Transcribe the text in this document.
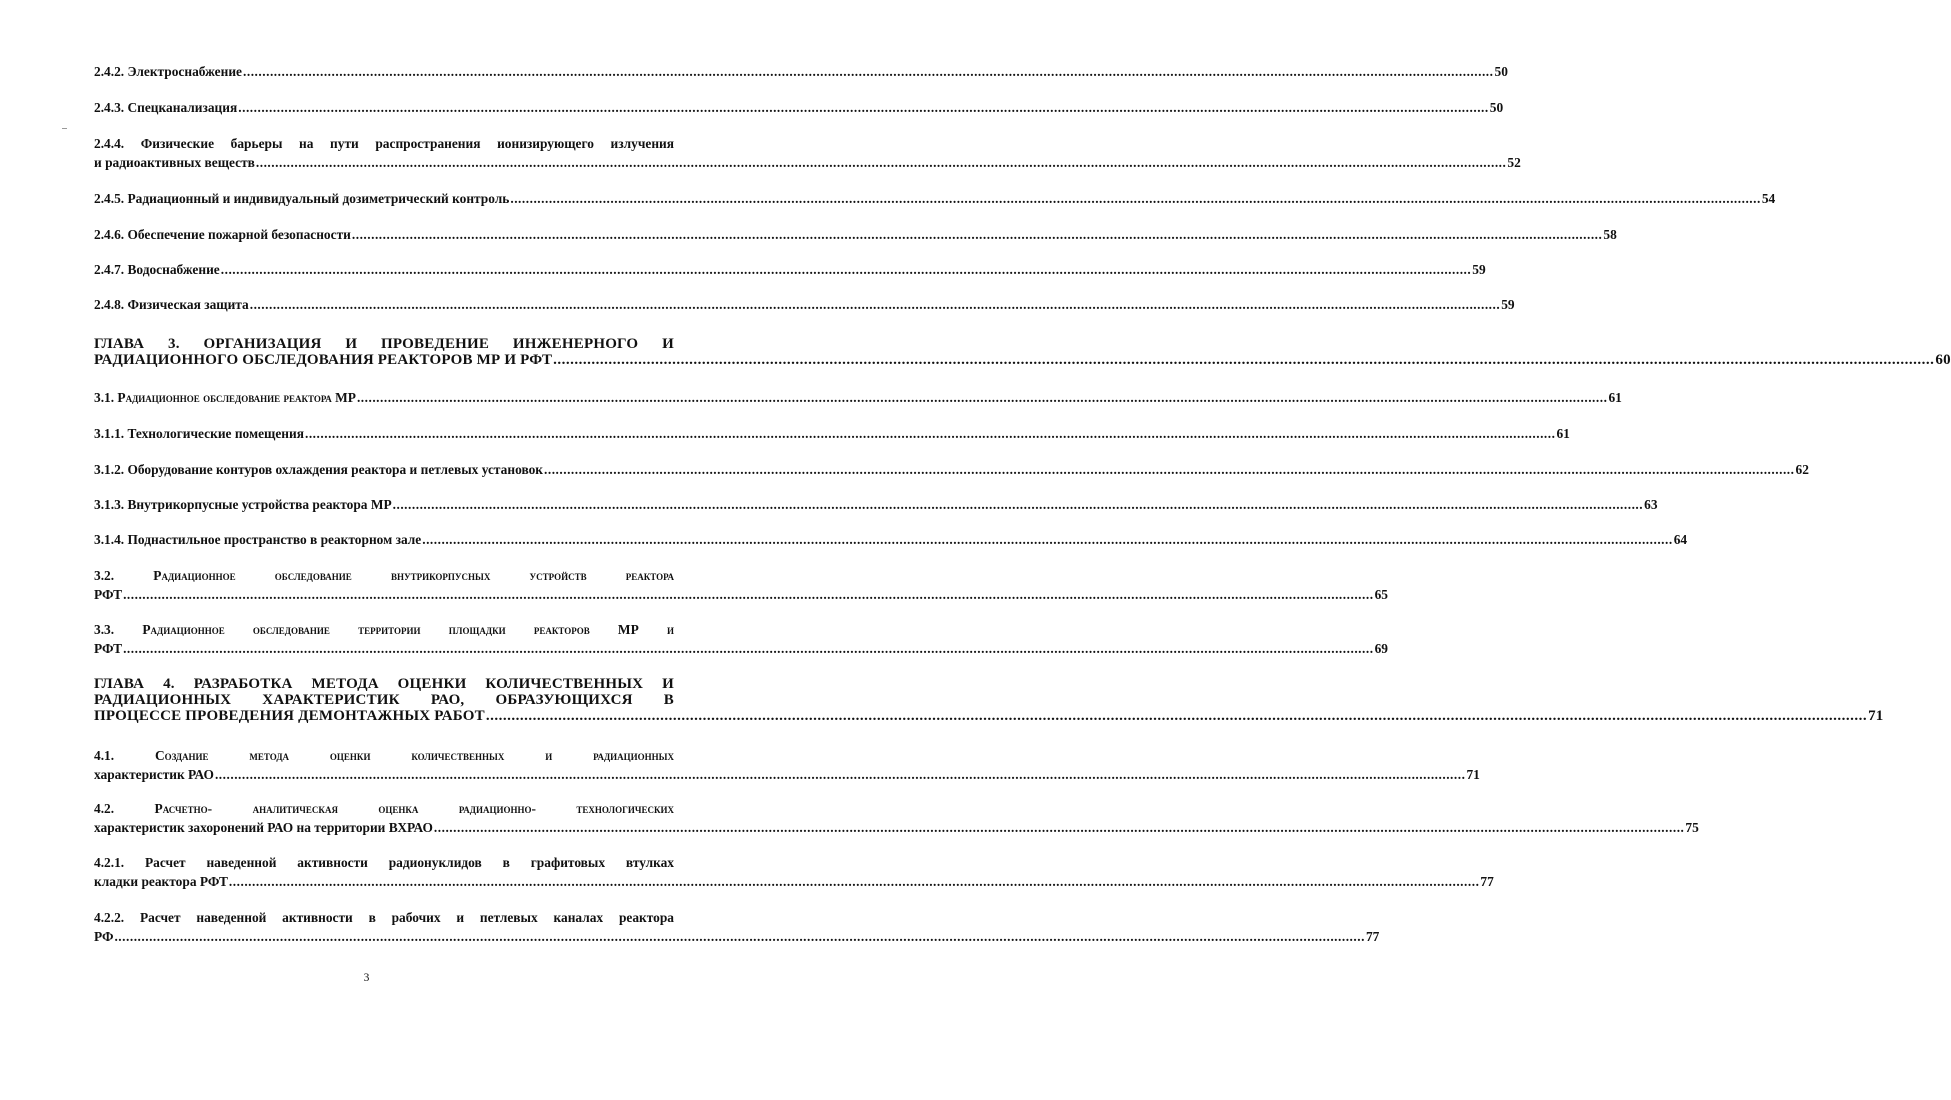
2.4.2. Электроснабжение .....	50
2.4.3. Спецканализация .....	50
2.4.4. Физические барьеры на пути распространения ионизирующего излучения
и радиоактивных веществ .....	52
2.4.5. Радиационный и индивидуальный дозиметрический контроль .....	54
2.4.6. Обеспечение пожарной безопасности .....	58
2.4.7. Водоснабжение .....	59
2.4.8. Физическая защита .....	59
ГЛАВА 3. ОРГАНИЗАЦИЯ И ПРОВЕДЕНИЕ ИНЖЕНЕРНОГО И
РАДИАЦИОННОГО ОБСЛЕДОВАНИЯ РЕАКТОРОВ МР И РФТ .....	60
3.1. Радиационное обследование реактора МР .....	61
3.1.1. Технологические помещения .....	61
3.1.2. Оборудование контуров охлаждения реактора и петлевых установок .....	62
3.1.3. Внутрикорпусные устройства реактора МР .....	63
3.1.4. Поднастильное пространство в реакторном зале .....	64
3.2. Радиационное обследование внутрикорпусных устройств реактора
РФТ .....	65
3.3. Радиационное обследование территории площадки реакторов МР и
РФТ .....	69
ГЛАВА 4. РАЗРАБОТКА МЕТОДА ОЦЕНКИ КОЛИЧЕСТВЕННЫХ И
РАДИАЦИОННЫХ ХАРАКТЕРИСТИК РАО, ОБРАЗУЮЩИХСЯ В
ПРОЦЕССЕ ПРОВЕДЕНИЯ ДЕМОНТАЖНЫХ РАБОТ .....	71
4.1. Создание метода оценки количественных и радиационных
характеристик РАО .....	71
4.2. Расчетно- аналитическая оценка радиационно- технологических
характеристик захоронений РАО на территории ВХРАО .....	75
4.2.1. Расчет наведенной активности радионуклидов в графитовых втулках
кладки реактора РФТ .....	77
4.2.2. Расчет наведенной активности в рабочих и петлевых каналах реактора
РФ .....	77
3
